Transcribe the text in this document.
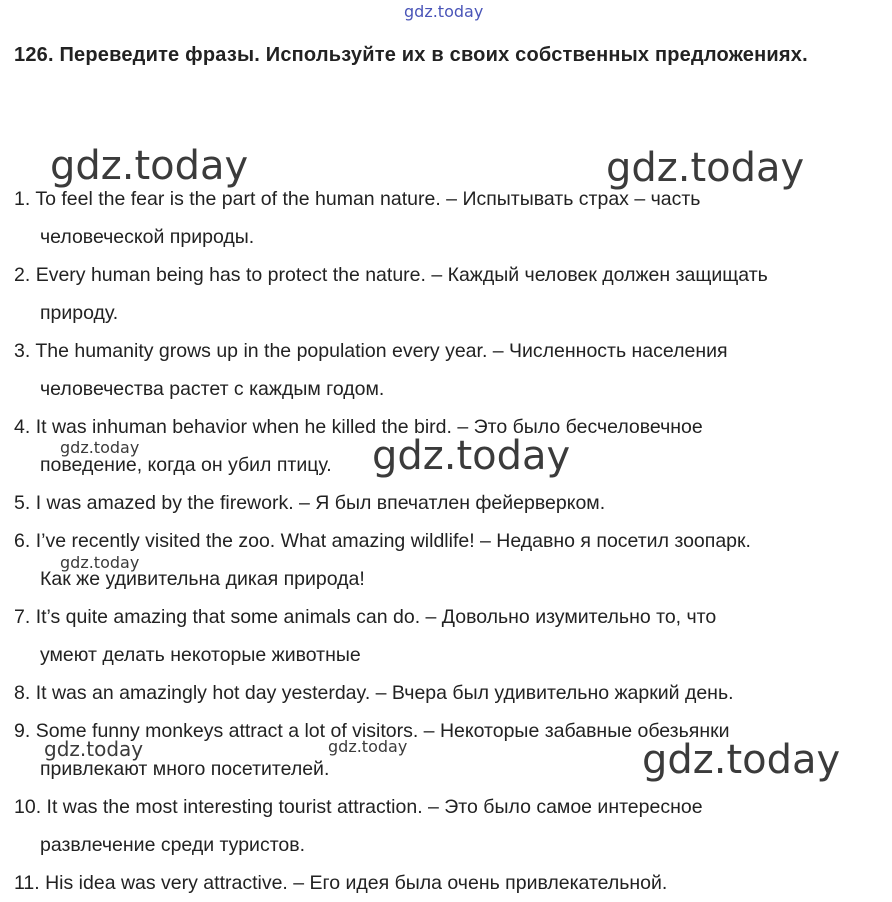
gdz.today
126. Переведите фразы. Используйте их в своих собственных предложениях.
1. To feel the fear is the part of the human nature. – Испытывать страх – часть
человеческой природы.
2. Every human being has to protect the nature. – Каждый человек должен защищать
природу.
3. The humanity grows up in the population every year. – Численность населения
человечества растет с каждым годом.
4. It was inhuman behavior when he killed the bird. – Это было бесчеловечное
поведение, когда он убил птицу.
5. I was amazed by the firework. – Я был впечатлен фейерверком.
6. I’ve recently visited the zoo. What amazing wildlife! – Недавно я посетил зоопарк.
Как же удивительна дикая природа!
7. It’s quite amazing that some animals can do. – Довольно изумительно то, что
умеют делать некоторые животные
8. It was an amazingly hot day yesterday. – Вчера был удивительно жаркий день.
9. Some funny monkeys attract a lot of visitors. – Некоторые забавные обезьянки
привлекают много посетителей.
10. It was the most interesting tourist attraction. – Это было самое интересное
развлечение среди туристов.
11. His idea was very attractive. – Его идея была очень привлекательной.
gdz.today	gdz.today
gdz.today	gdz.today
gdz.today
gdz.today	gdz.today	gdz.today
